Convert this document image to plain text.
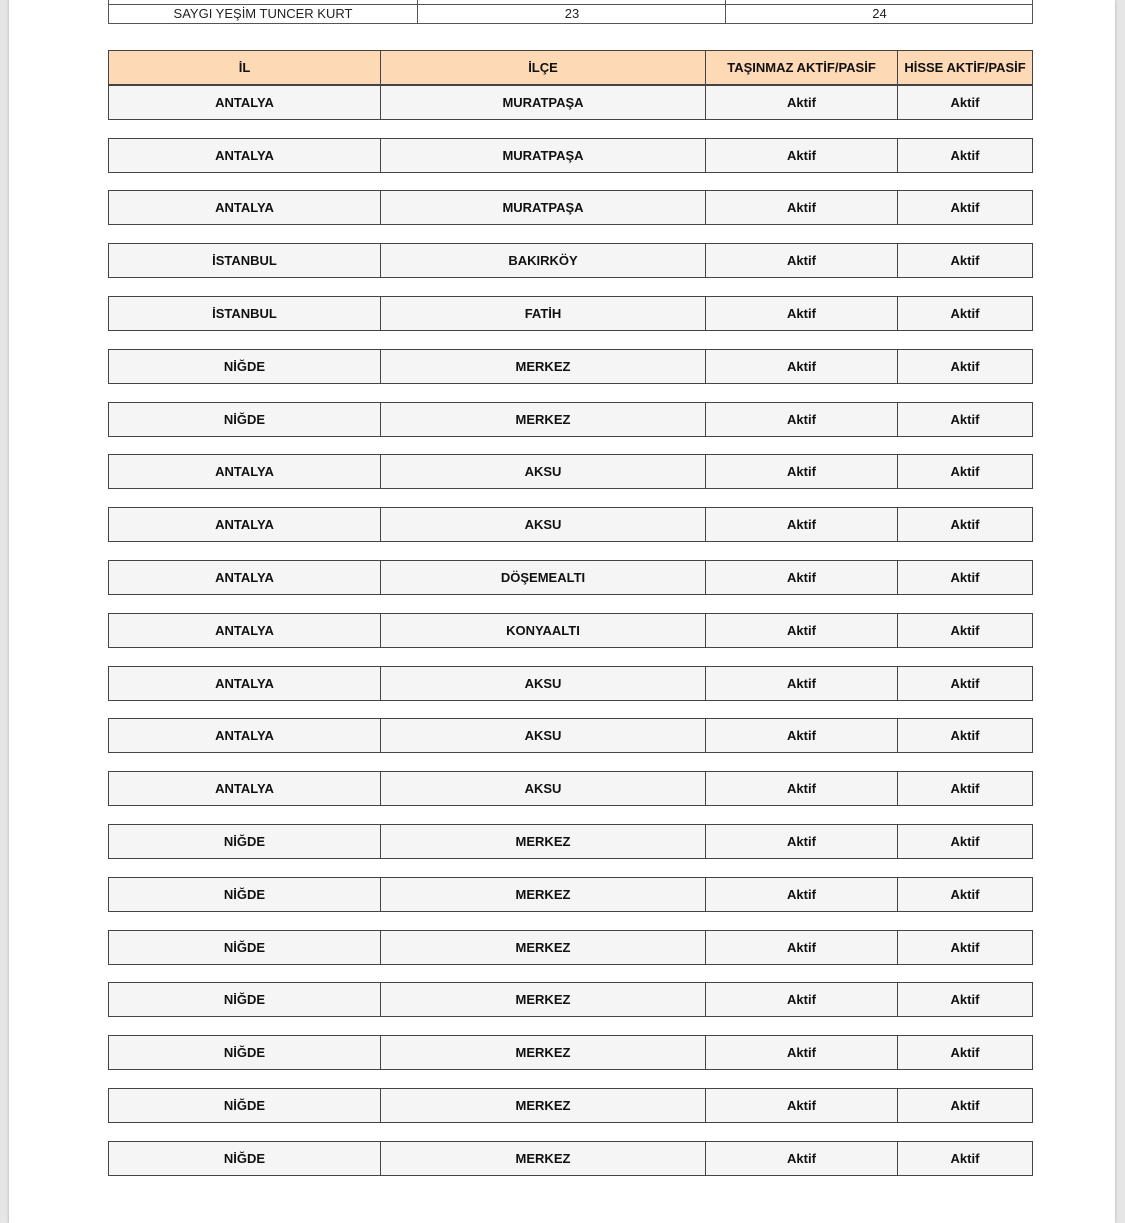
SAYGI YEŞİM TUNCER KURT	23	24
İL	İLÇE	TAŞINMAZ AKTİF/PASİF	HİSSE AKTİF/PASİF
ANTALYA	MURATPAŞA	Aktif	Aktif
ANTALYA	MURATPAŞA	Aktif	Aktif
ANTALYA	MURATPAŞA	Aktif	Aktif
İSTANBUL	BAKIRKÖY	Aktif	Aktif
İSTANBUL	FATİH	Aktif	Aktif
NİĞDE	MERKEZ	Aktif	Aktif
NİĞDE	MERKEZ	Aktif	Aktif
ANTALYA	AKSU	Aktif	Aktif
ANTALYA	AKSU	Aktif	Aktif
ANTALYA	DÖŞEMEALTI	Aktif	Aktif
ANTALYA	KONYAALTI	Aktif	Aktif
ANTALYA	AKSU	Aktif	Aktif
ANTALYA	AKSU	Aktif	Aktif
ANTALYA	AKSU	Aktif	Aktif
NİĞDE	MERKEZ	Aktif	Aktif
NİĞDE	MERKEZ	Aktif	Aktif
NİĞDE	MERKEZ	Aktif	Aktif
NİĞDE	MERKEZ	Aktif	Aktif
NİĞDE	MERKEZ	Aktif	Aktif
NİĞDE	MERKEZ	Aktif	Aktif
NİĞDE	MERKEZ	Aktif	Aktif
